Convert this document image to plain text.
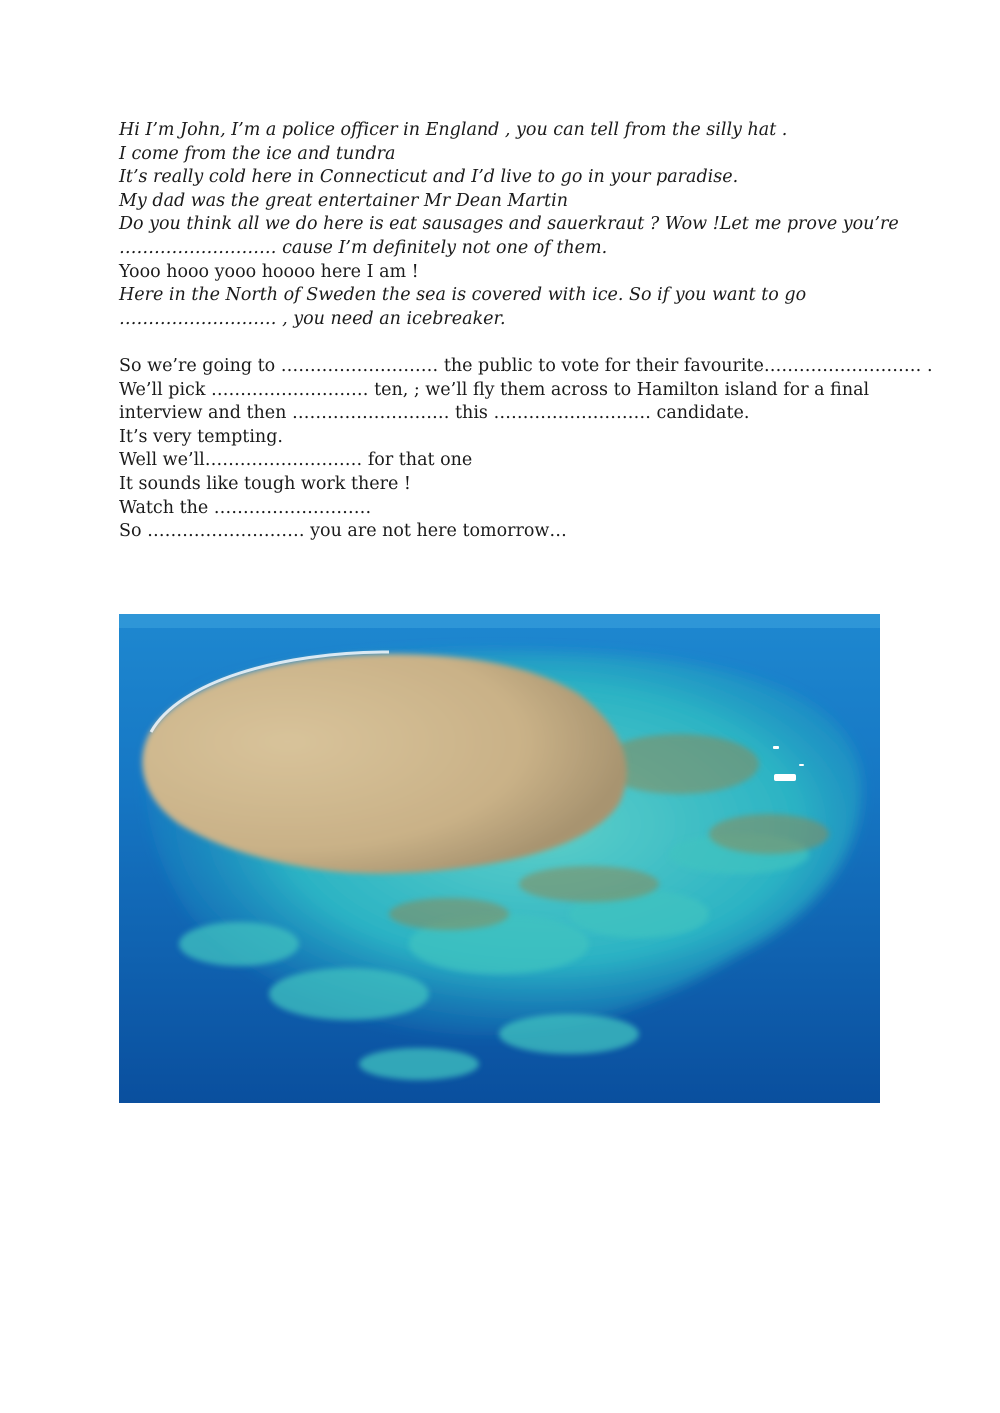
Hi I’m John, I’m a police officer in England , you can tell from the silly hat .

I come from the ice and tundra

It’s really cold here in Connecticut and I’d live to go in your paradise.

My dad was the great entertainer Mr Dean Martin

Do you think all we do here is eat sausages and sauerkraut ? Wow !Let me prove you’re

……………………… cause I’m definitely not one of them.

Yooo hooo yooo hoooo here I am !

Here in the North of Sweden the sea is covered with ice. So if you want to go

……………………… , you need an icebreaker.

So we’re going to ……………………… the public to vote for their favourite……………………… .

We’ll pick ……………………… ten, ; we’ll fly them across to Hamilton island for a final

interview and then ……………………… this ……………………… candidate.

It’s very tempting.

Well we’ll……………………… for that one

It sounds like tough work there !

Watch the ………………………

So ……………………… you are not here tomorrow…
